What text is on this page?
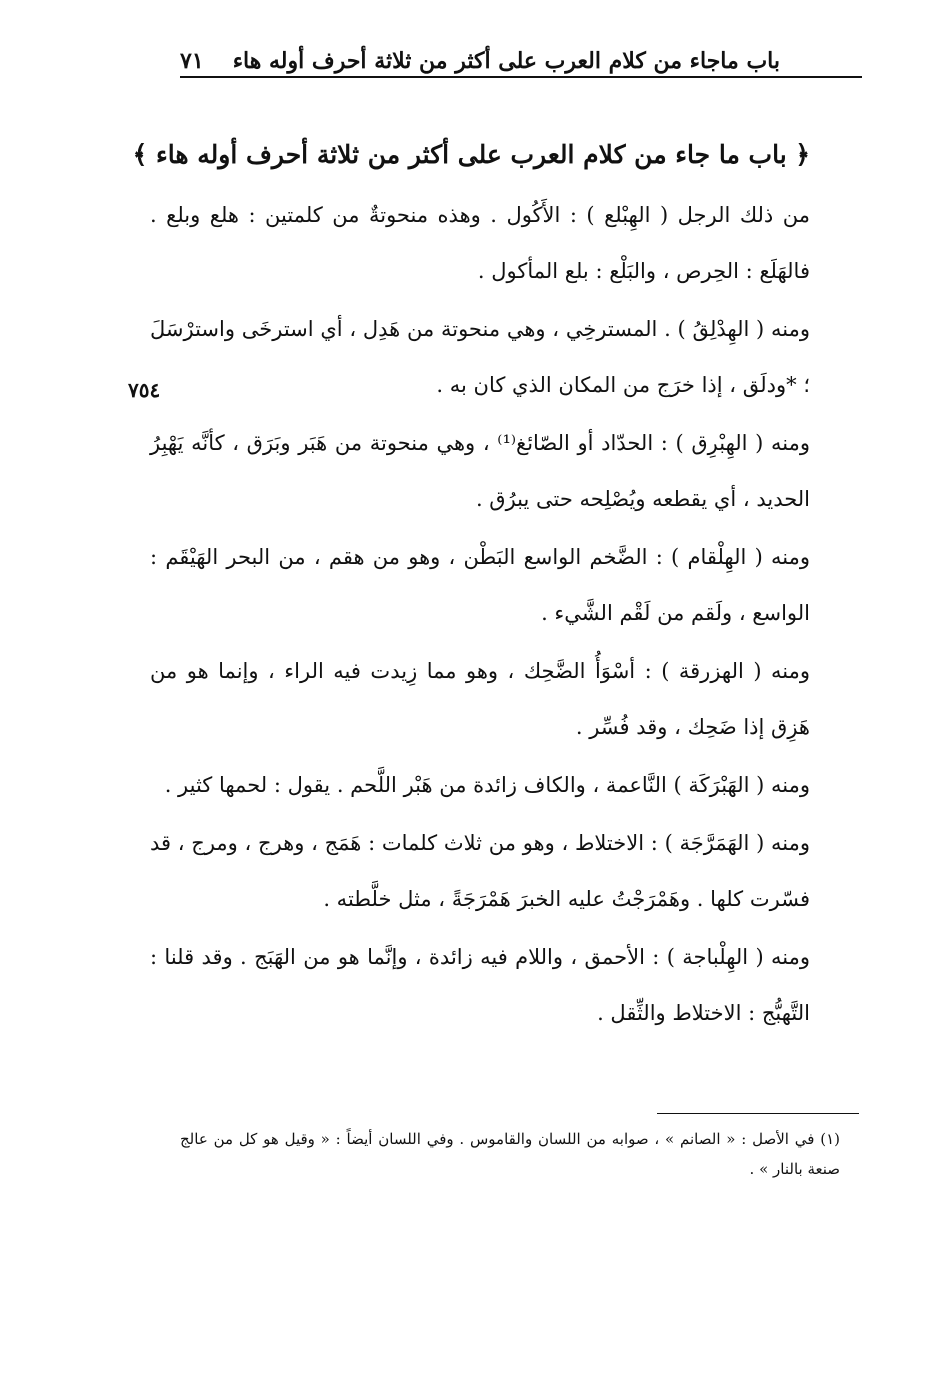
باب ماجاء من كلام العرب على أكثر من ثلاثة أحرف أوله هاء
٧١
٧٥٤
﴿ باب ما جاء من كلام العرب على أكثر من ثلاثة أحرف أوله هاء ﴾

من ذلك الرجل ( الهِبْلع ) : الأَكُول . وهذه منحوتةٌ من كلمتين : هلع وبلع . فالهَلَع : الحِرص ، والبَلْع : بلع المأكول .

ومنه ( الهِدْلِقُ ) . المسترخِي ، وهي منحوتة من هَدِل ، أي استرخَى واسترْسَلَ ؛ *ودلَق ، إذا خرَج من المكان الذي كان به .

ومنه ( الهِبْرِق ) : الحدّاد أو الصّائغ⁽¹⁾ ، وهي منحوتة من هَبَر وبَرَق ، كأنَّه يَهْبِرُ الحديد ، أي يقطعه ويُصْلِحه حتى يبرُق .

ومنه ( الهِلْقام ) : الضَّخم الواسع البَطْن ، وهو من هقم ، من البحر الهَيْقَم : الواسع ، ولَقم من لَقْم الشَّيء .

ومنه ( الهزرقة ) : أسْوَأُ الضَّحِك ، وهو مما زِيدت فيه الراء ، وإنما هو من هَزِق إذا ضَحِك ، وقد فُسِّر .

ومنه ( الهَبْرَكَة ) النَّاعمة ، والكاف زائدة من هَبْر اللَّحم . يقول : لحمها كثير .

ومنه ( الهَمَرَّجَة ) : الاختلاط ، وهو من ثلاث كلمات : هَمَج ، وهرج ، ومرج ، قد فسّرت كلها . وهَمْرَجْتُ عليه الخبرَ هَمْرَجَةً ، مثل خلَّطته .

ومنه ( الهِلْباجة ) : الأحمق ، واللام فيه زائدة ، وإنَّما هو من الهَبَج . وقد قلنا : التَّهبُّج : الاختلاط والثِّقل .

(١) في الأصل : « الصانم » ، صوابه من اللسان والقاموس . وفي اللسان أيضاً : « وقيل هو كل من عالج صنعة بالنار » .
